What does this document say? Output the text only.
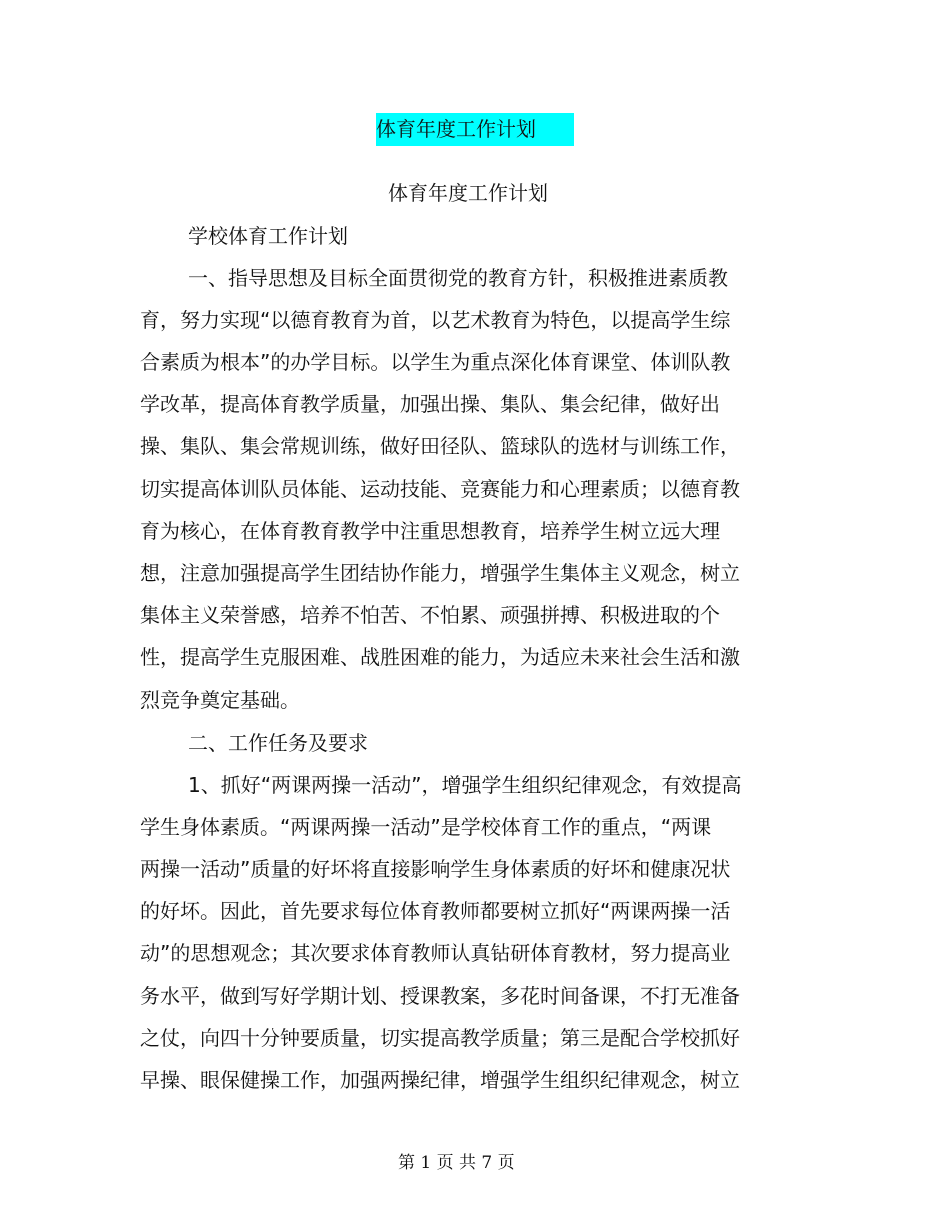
体育年度工作计划
体育年度工作计划
学校体育工作计划
一、指导思想及目标全面贯彻党的教育方针，积极推进素质教
育，努力实现“以德育教育为首，以艺术教育为特色，以提高学生综
合素质为根本”的办学目标。以学生为重点深化体育课堂、体训队教
学改革，提高体育教学质量，加强出操、集队、集会纪律，做好出
操、集队、集会常规训练，做好田径队、篮球队的选材与训练工作，
切实提高体训队员体能、运动技能、竞赛能力和心理素质；以德育教
育为核心，在体育教育教学中注重思想教育，培养学生树立远大理
想，注意加强提高学生团结协作能力，增强学生集体主义观念，树立
集体主义荣誉感，培养不怕苦、不怕累、顽强拼搏、积极进取的个
性，提高学生克服困难、战胜困难的能力，为适应未来社会生活和激
烈竞争奠定基础。
二、工作任务及要求
1、抓好“两课两操一活动”，增强学生组织纪律观念，有效提高
学生身体素质。“两课两操一活动”是学校体育工作的重点，“两课
两操一活动”质量的好坏将直接影响学生身体素质的好坏和健康况状
的好坏。因此，首先要求每位体育教师都要树立抓好“两课两操一活
动”的思想观念；其次要求体育教师认真钻研体育教材，努力提高业
务水平，做到写好学期计划、授课教案，多花时间备课，不打无准备
之仗，向四十分钟要质量，切实提高教学质量；第三是配合学校抓好
早操、眼保健操工作，加强两操纪律，增强学生组织纪律观念，树立
第 1 页 共 7 页
